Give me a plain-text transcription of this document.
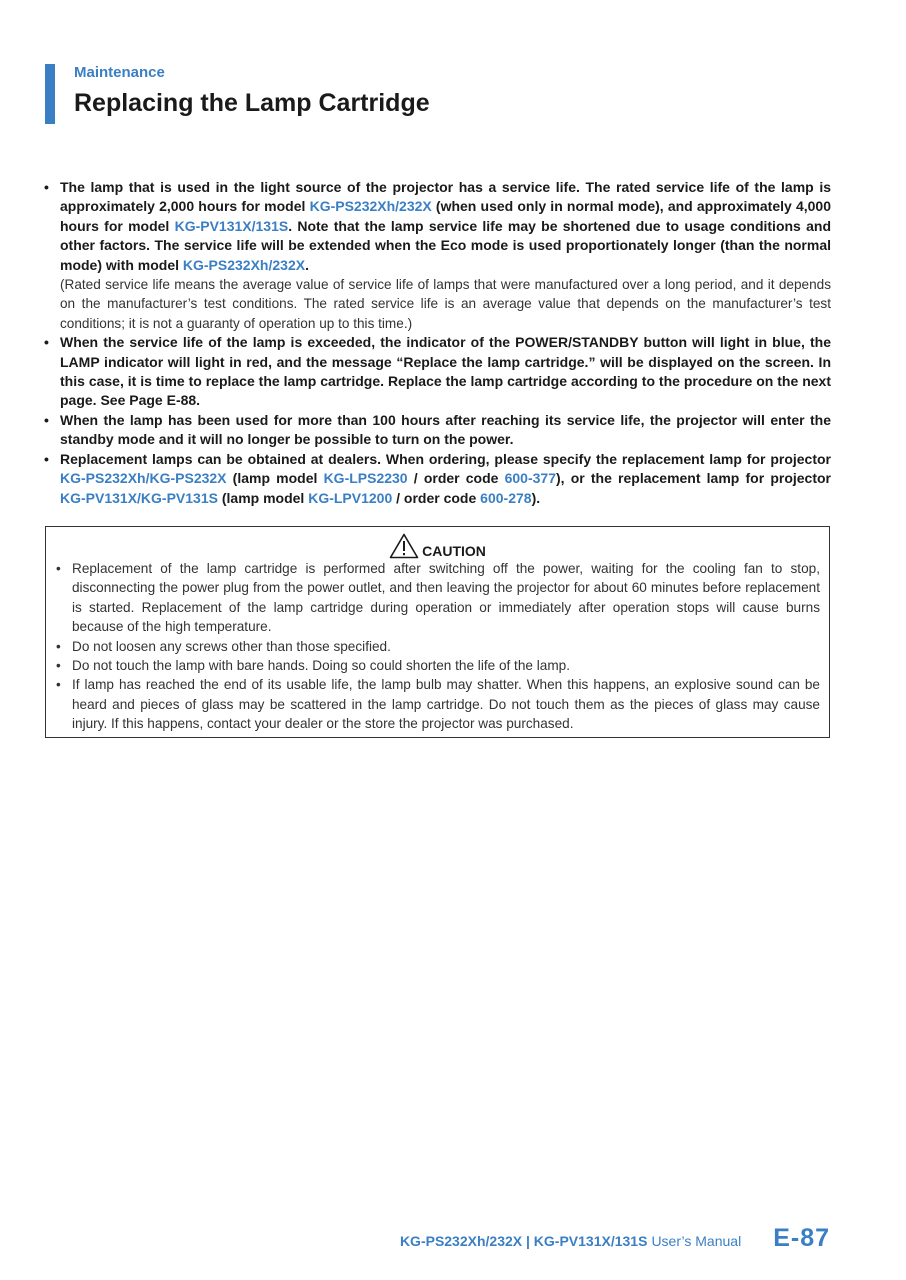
Maintenance
Replacing the Lamp Cartridge
• The lamp that is used in the light source of the projector has a service life. The rated service life of the lamp is approximately 2,000 hours for model KG-PS232Xh/232X (when used only in normal mode), and approximately 4,000 hours for model KG-PV131X/131S. Note that the lamp service life may be shortened due to usage conditions and other factors. The service life will be extended when the Eco mode is used proportionately longer (than the normal mode) with model KG-PS232Xh/232X.
(Rated service life means the average value of service life of lamps that were manufactured over a long period, and it depends on the manufacturer’s test conditions. The rated service life is an average value that depends on the manufacturer’s test conditions; it is not a guaranty of operation up to this time.)
• When the service life of the lamp is exceeded, the indicator of the POWER/STANDBY button will light in blue, the LAMP indicator will light in red, and the message “Replace the lamp cartridge.” will be displayed on the screen. In this case, it is time to replace the lamp cartridge. Replace the lamp cartridge according to the procedure on the next page. See Page E-88.
• When the lamp has been used for more than 100 hours after reaching its service life, the projector will enter the standby mode and it will no longer be possible to turn on the power.
• Replacement lamps can be obtained at dealers. When ordering, please specify the replacement lamp for projector KG-PS232Xh/KG-PS232X (lamp model KG-LPS2230 / order code 600-377), or the replacement lamp for projector KG-PV131X/KG-PV131S (lamp model KG-LPV1200 / order code 600-278).
CAUTION
• Replacement of the lamp cartridge is performed after switching off the power, waiting for the cooling fan to stop, disconnecting the power plug from the power outlet, and then leaving the projector for about 60 minutes before replacement is started. Replacement of the lamp cartridge during operation or immediately after operation stops will cause burns because of the high temperature.
• Do not loosen any screws other than those specified.
• Do not touch the lamp with bare hands. Doing so could shorten the life of the lamp.
• If lamp has reached the end of its usable life, the lamp bulb may shatter. When this happens, an explosive sound can be heard and pieces of glass may be scattered in the lamp cartridge. Do not touch them as the pieces of glass may cause injury. If this happens, contact your dealer or the store the projector was purchased.
KG-PS232Xh/232X | KG-PV131X/131S User’s Manual E-87
